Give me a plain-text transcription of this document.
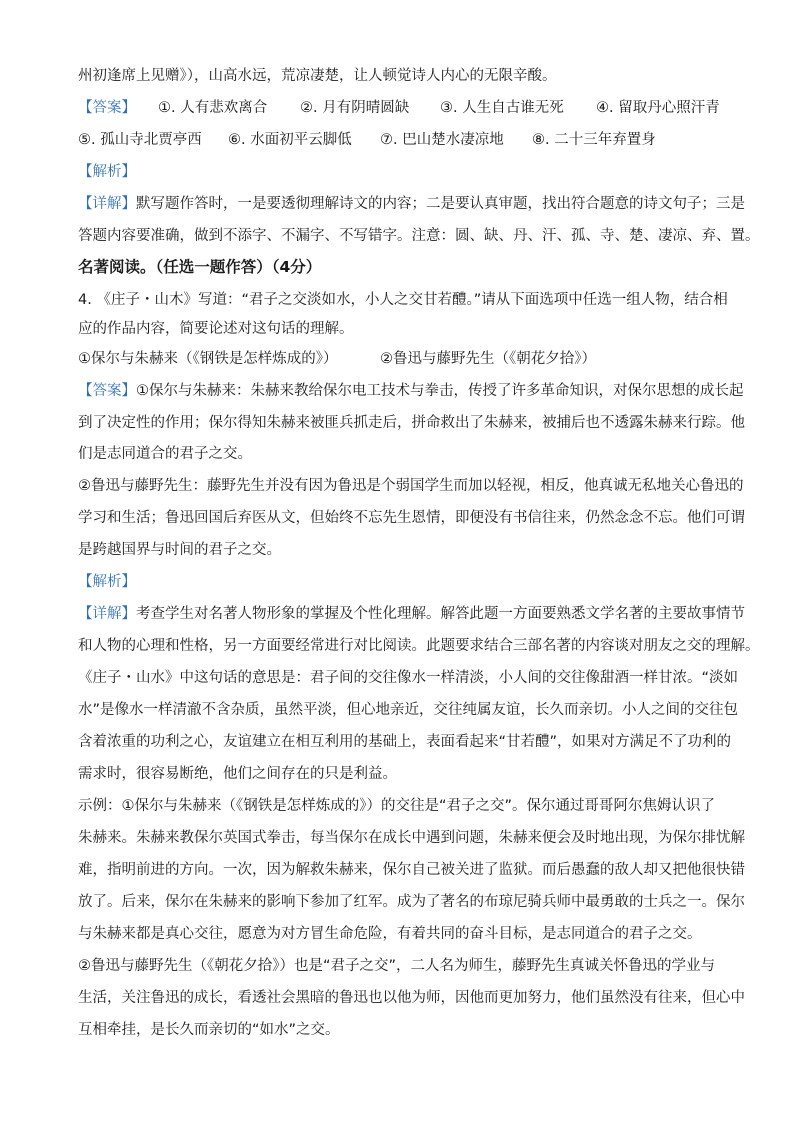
州初逢席上见赠》），山高水远，荒凉凄楚，让人顿觉诗人内心的无限辛酸。
【答案】 ①. 人有悲欢离合 ②. 月有阴晴圆缺 ③. 人生自古谁无死 ④. 留取丹心照汗青
⑤. 孤山寺北贾亭西 ⑥. 水面初平云脚低 ⑦. 巴山楚水凄凉地 ⑧. 二十三年弃置身
【解析】
【详解】默写题作答时，一是要透彻理解诗文的内容；二是要认真审题，找出符合题意的诗文句子；三是
答题内容要准确，做到不添字、不漏字、不写错字。注意：圆、缺、丹、汗、孤、寺、楚、凄凉、弃、置。
名著阅读。（任选一题作答）（4分）
4. 《庄子・山木》写道：“君子之交淡如水，小人之交甘若醴。”请从下面选项中任选一组人物，结合相
应的作品内容，简要论述对这句话的理解。
①保尔与朱赫来（《钢铁是怎样炼成的》）	②鲁迅与藤野先生（《朝花夕拾》）
【答案】①保尔与朱赫来：朱赫来教给保尔电工技术与拳击，传授了许多革命知识，对保尔思想的成长起
到了决定性的作用；保尔得知朱赫来被匪兵抓走后，拼命救出了朱赫来，被捕后也不透露朱赫来行踪。他
们是志同道合的君子之交。
②鲁迅与藤野先生：藤野先生并没有因为鲁迅是个弱国学生而加以轻视，相反，他真诚无私地关心鲁迅的
学习和生活；鲁迅回国后弃医从文，但始终不忘先生恩情，即便没有书信往来，仍然念念不忘。他们可谓
是跨越国界与时间的君子之交。
【解析】
【详解】考查学生对名著人物形象的掌握及个性化理解。解答此题一方面要熟悉文学名著的主要故事情节
和人物的心理和性格，另一方面要经常进行对比阅读。此题要求结合三部名著的内容谈对朋友之交的理解。
《庄子・山水》中这句话的意思是：君子间的交往像水一样清淡，小人间的交往像甜酒一样甘浓。“淡如
水”是像水一样清澈不含杂质，虽然平淡，但心地亲近，交往纯属友谊，长久而亲切。小人之间的交往包
含着浓重的功利之心，友谊建立在相互利用的基础上，表面看起来“甘若醴”，如果对方满足不了功利的
需求时，很容易断绝，他们之间存在的只是利益。
示例：①保尔与朱赫来（《钢铁是怎样炼成的》）的交往是“君子之交”。保尔通过哥哥阿尔焦姆认识了
朱赫来。朱赫来教保尔英国式拳击，每当保尔在成长中遇到问题，朱赫来便会及时地出现，为保尔排忧解
难，指明前进的方向。一次，因为解救朱赫来，保尔自己被关进了监狱。而后愚蠢的敌人却又把他很快错
放了。后来，保尔在朱赫来的影响下参加了红军。成为了著名的布琼尼骑兵师中最勇敢的士兵之一。保尔
与朱赫来都是真心交往，愿意为对方冒生命危险，有着共同的奋斗目标，是志同道合的君子之交。
②鲁迅与藤野先生（《朝花夕拾》）也是“君子之交”，二人名为师生，藤野先生真诚关怀鲁迅的学业与
生活，关注鲁迅的成长，看透社会黑暗的鲁迅也以他为师，因他而更加努力，他们虽然没有往来，但心中
互相牵挂，是长久而亲切的“如水”之交。
